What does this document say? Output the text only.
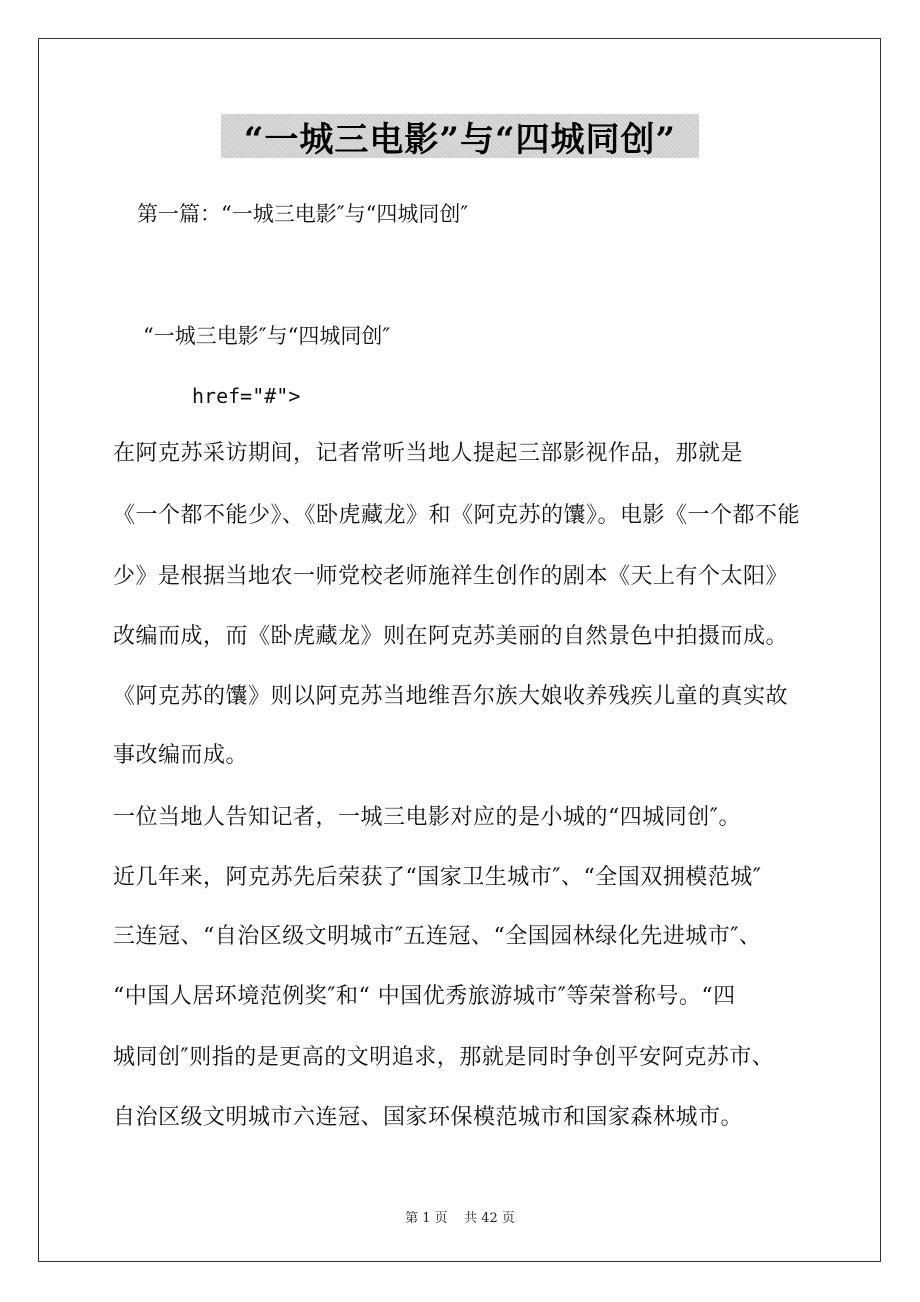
“一城三电影”与“四城同创”
第一篇：“一城三电影″与“四城同创″
“一城三电影″与“四城同创″
href="#">
在阿克苏采访期间，记者常听当地人提起三部影视作品，那就是
《一个都不能少》、《卧虎藏龙》和《阿克苏的馕》。电影《一个都不能
少》是根据当地农一师党校老师施祥生创作的剧本《天上有个太阳》
改编而成，而《卧虎藏龙》则在阿克苏美丽的自然景色中拍摄而成。
《阿克苏的馕》则以阿克苏当地维吾尔族大娘收养残疾儿童的真实故
事改编而成。
一位当地人告知记者，一城三电影对应的是小城的“四城同创″。
近几年来，阿克苏先后荣获了“国家卫生城市″、“全国双拥模范城″
三连冠、“自治区级文明城市″五连冠、“全国园林绿化先进城市″、
“中国人居环境范例奖″和“ 中国优秀旅游城市″等荣誉称号。“四
城同创″则指的是更高的文明追求，那就是同时争创平安阿克苏市、
自治区级文明城市六连冠、国家环保模范城市和国家森林城市。
第 1 页    共 42 页
